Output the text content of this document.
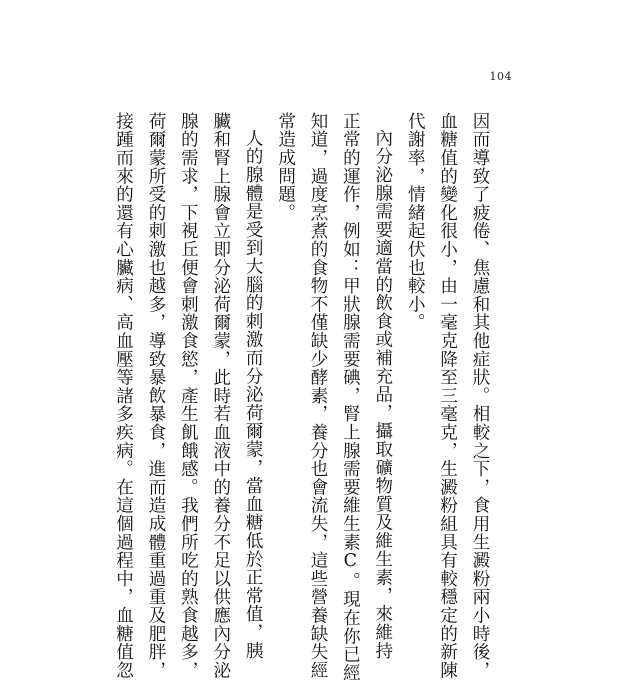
104

因而導致了疲倦、焦慮和其他症狀。相較之下，食用生澱粉兩小時後，

血糖值的變化很小，由一毫克降至三毫克，生澱粉組具有較穩定的新陳

代謝率，情緒起伏也較小。

內分泌腺需要適當的飲食或補充品，攝取礦物質及維生素，來維持

正常的運作，例如：甲狀腺需要碘，腎上腺需要維生素C。現在你已經

知道，過度烹煮的食物不僅缺少酵素，養分也會流失，這些營養缺失經

常造成問題。

人的腺體是受到大腦的刺激而分泌荷爾蒙，當血糖低於正常值，胰

臟和腎上腺會立即分泌荷爾蒙，此時若血液中的養分不足以供應內分泌

腺的需求，下視丘便會刺激食慾，產生飢餓感。我們所吃的熟食越多，

荷爾蒙所受的刺激也越多，導致暴飲暴食，進而造成體重過重及肥胖，

接踵而來的還有心臟病、高血壓等諸多疾病。在這個過程中，血糖值忽
